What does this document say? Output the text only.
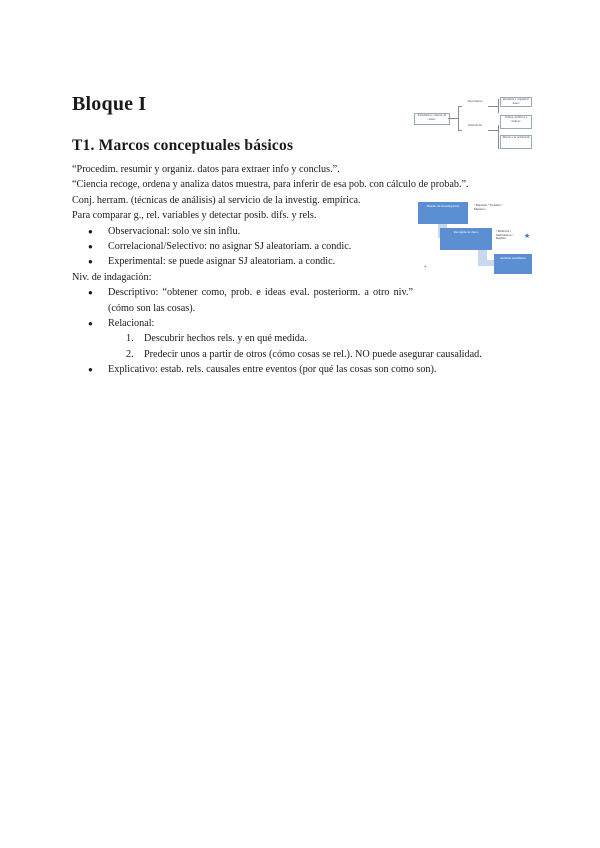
Bloque I
T1. Marcos conceptuales básicos
Estadística: ciencia de datos
Descriptiva
Inferencial
Resumir y organizar datos
Tablas, gráficos e índices
Inferir a la población
Diseño de investigación
Recogida de datos
Análisis estadístico
• Hipótesis • Variables • Muestreo
• Medición • Instrumentos • Registro	★
*
“Procedim. resumir y organiz. datos para extraer info y conclus.”.
“Ciencia recoge, ordena y analiza datos muestra, para inferir de esa pob. con cálculo de probab.”.
Conj. herram. (técnicas de análisis) al servicio de la investig. empírica.
Para comparar g., rel. variables y detectar posib. difs. y rels.
● Observacional: solo ve sin influ.
● Correlacional/Selectivo: no asignar SJ aleatoriam. a condic.
● Experimental: se puede asignar SJ aleatoriam. a condic.
Niv. de indagación:
● Descriptivo: “obtener como, prob. e ideas eval. posteriorm. a otro niv.” (cómo son las cosas).
● Relacional:
1. Descubrir hechos rels. y en qué medida.
2. Predecir unos a partir de otros (cómo cosas se rel.). NO puede asegurar causalidad.
● Explicativo: estab. rels. causales entre eventos (por qué las cosas son como son).
